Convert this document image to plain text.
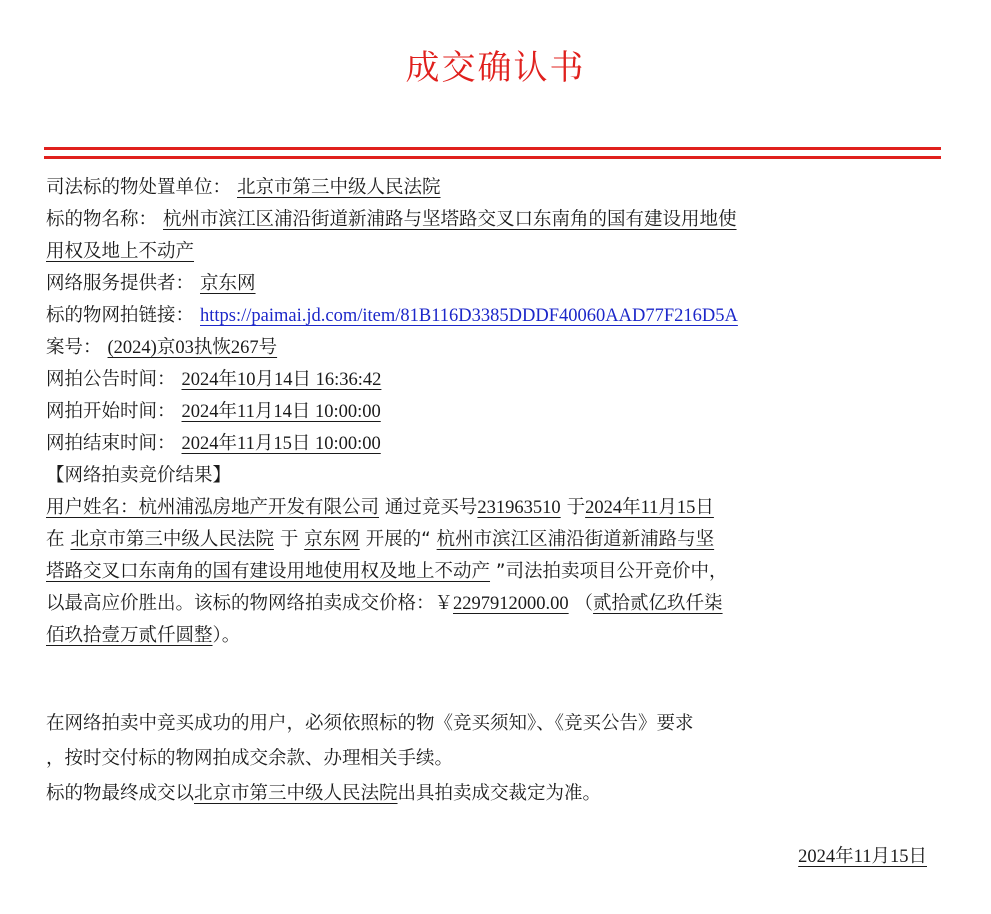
成交确认书
司法标的物处置单位： 北京市第三中级人民法院
标的物名称： 杭州市滨江区浦沿街道新浦路与坚塔路交叉口东南角的国有建设用地使
用权及地上不动产
网络服务提供者： 京东网
标的物网拍链接： https://paimai.jd.com/item/81B116D3385DDDF40060AAD77F216D5A
案号： (2024)京03执恢267号
网拍公告时间： 2024年10月14日 16:36:42
网拍开始时间： 2024年11月14日 10:00:00
网拍结束时间： 2024年11月15日 10:00:00
【网络拍卖竞价结果】
用户姓名：杭州浦泓房地产开发有限公司 通过竞买号231963510 于2024年11月15日
在 北京市第三中级人民法院 于 京东网 开展的“ 杭州市滨江区浦沿街道新浦路与坚
塔路交叉口东南角的国有建设用地使用权及地上不动产 ”司法拍卖项目公开竞价中，
以最高应价胜出。该标的物网络拍卖成交价格：￥2297912000.00 （贰拾贰亿玖仟柒
佰玖拾壹万贰仟圆整）。
在网络拍卖中竞买成功的用户，必须依照标的物《竞买须知》、《竞买公告》要求
，按时交付标的物网拍成交余款、办理相关手续。
标的物最终成交以北京市第三中级人民法院出具拍卖成交裁定为准。
2024年11月15日
